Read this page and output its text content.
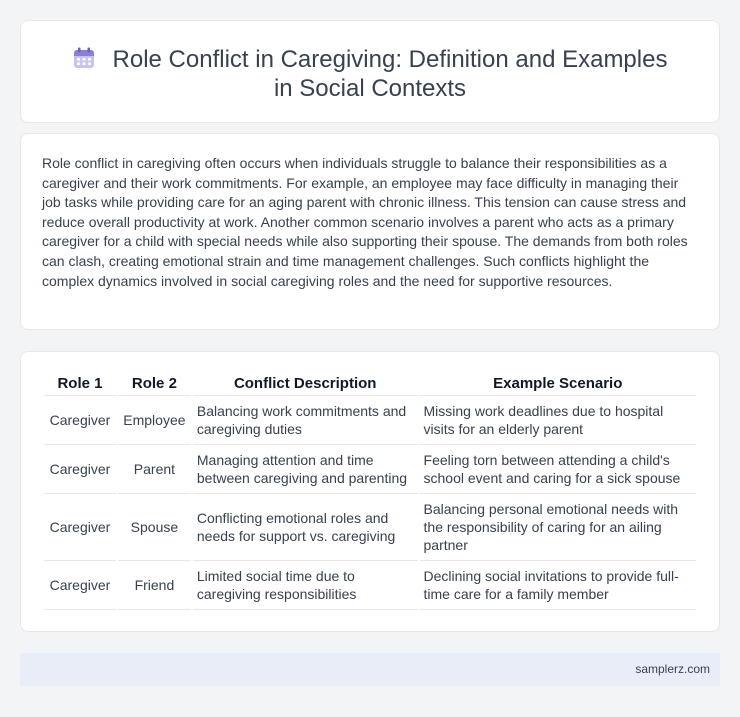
Role Conflict in Caregiving: Definition and Examples in Social Contexts

Role conflict in caregiving often occurs when individuals struggle to balance their responsibilities as a caregiver and their work commitments. For example, an employee may face difficulty in managing their job tasks while providing care for an aging parent with chronic illness. This tension can cause stress and reduce overall productivity at work. Another common scenario involves a parent who acts as a primary caregiver for a child with special needs while also supporting their spouse. The demands from both roles can clash, creating emotional strain and time management challenges. Such conflicts highlight the complex dynamics involved in social caregiving roles and the need for supportive resources.

Role 1	Role 2	Conflict Description	Example Scenario
Caregiver	Employee	Balancing work commitments and caregiving duties	Missing work deadlines due to hospital visits for an elderly parent
Caregiver	Parent	Managing attention and time between caregiving and parenting	Feeling torn between attending a child's school event and caring for a sick spouse
Caregiver	Spouse	Conflicting emotional roles and needs for support vs. caregiving	Balancing personal emotional needs with the responsibility of caring for an ailing partner
Caregiver	Friend	Limited social time due to caregiving responsibilities	Declining social invitations to provide full-time care for a family member
samplerz.com
